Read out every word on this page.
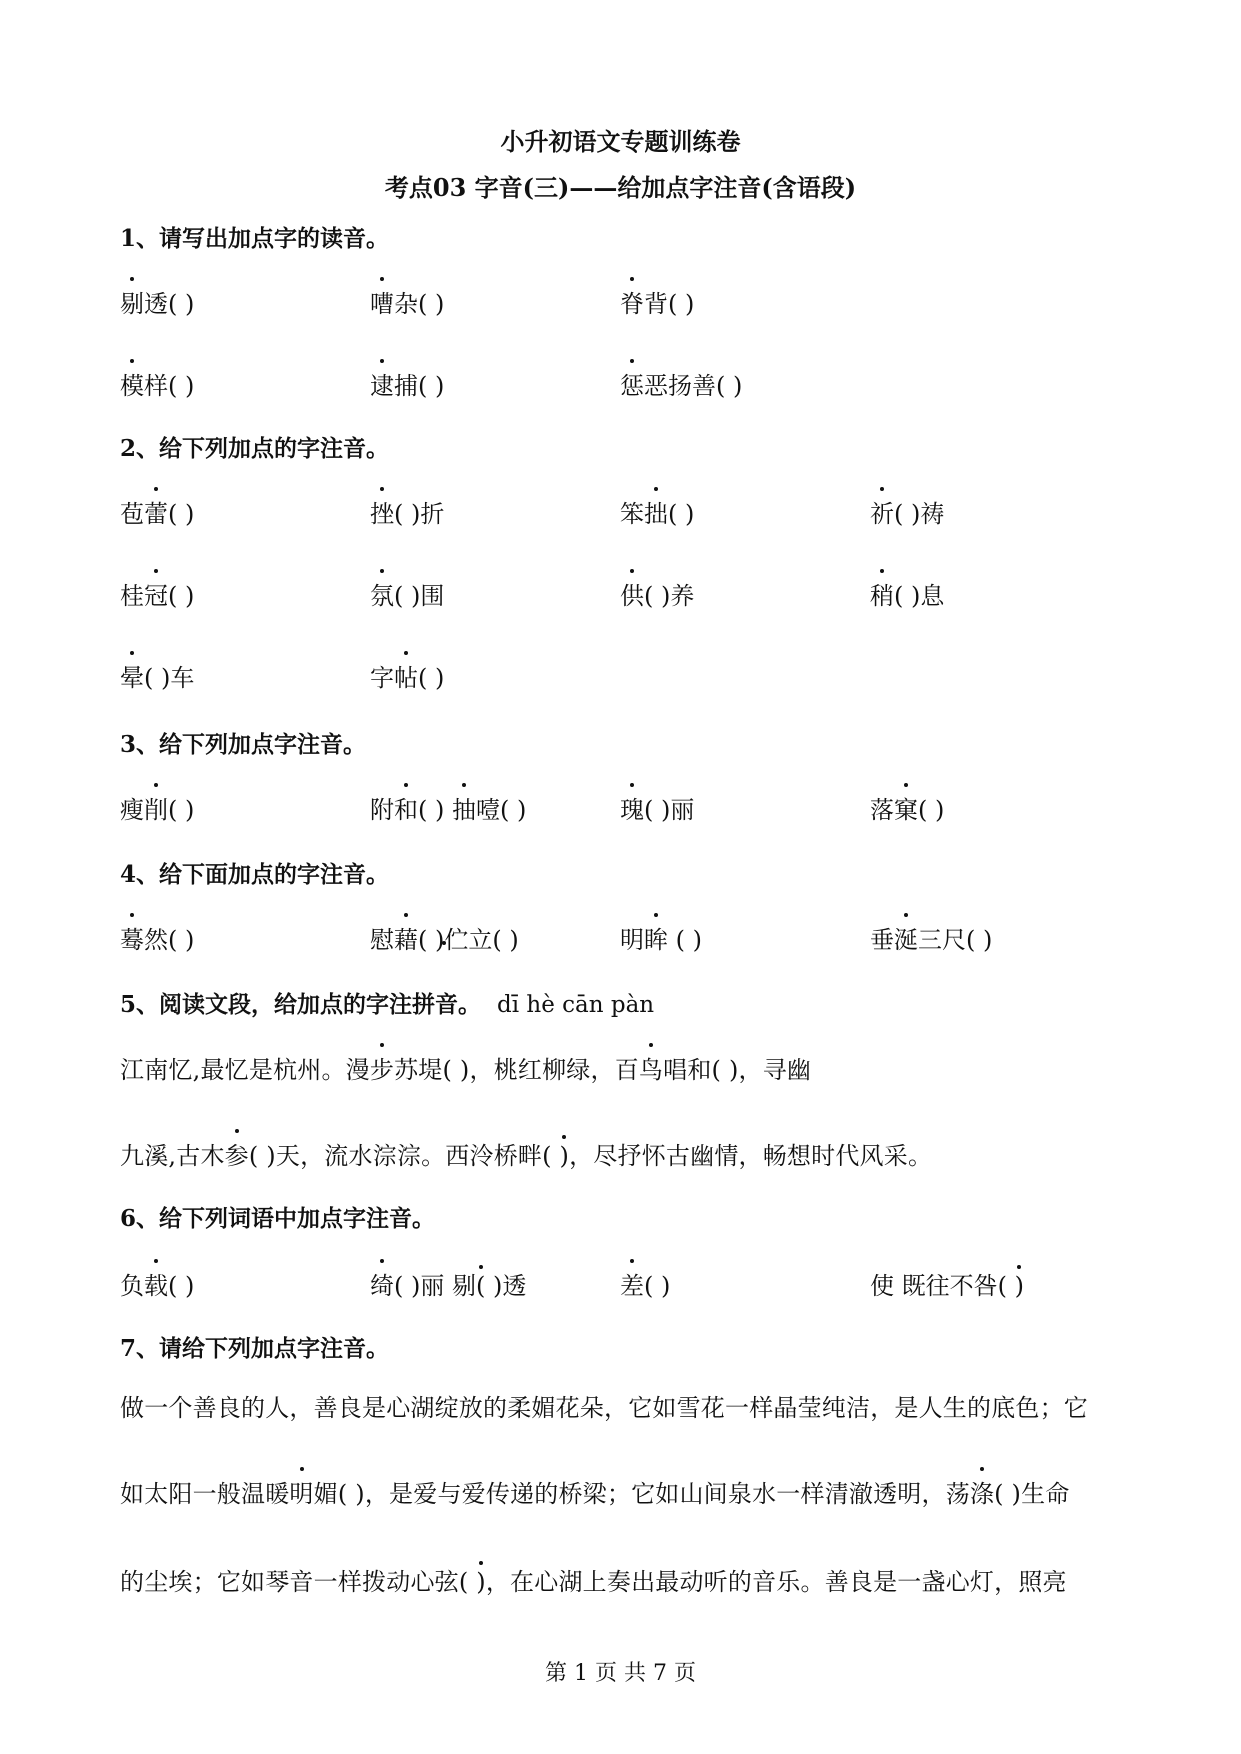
小升初语文专题训练卷
考点03 字音(三)——给加点字注音(含语段)
1、请写出加点字的读音。
剔透( )	嘈杂( )	脊背( )
模样( )	逮捕( )	惩恶扬善( )
2、给下列加点的字注音。
苞蕾( )	挫( )折	笨拙( )	祈( )祷
桂冠( )	氛( )围	供( )养	稍( )息
晕( )车	字帖( )
3、给下列加点字注音。
瘦削( )	附和( ) 抽噎( )	瑰( )丽	落窠( )
4、给下面加点的字注音。
蓦然( )	慰藉( )伫立( )	明眸 ( )	垂涎三尺( )
5、阅读文段，给加点的字注拼音。 dī hè cān pàn
江南忆,最忆是杭州。漫步苏堤( )，桃红柳绿，百鸟唱和( )，寻幽
九溪,古木参( )天，流水淙淙。西泠桥畔( )，尽抒怀古幽情，畅想时代风采。
6、给下列词语中加点字注音。
负载( )	绮( )丽 剔( )透	差( )	使 既往不咎( )
7、请给下列加点字注音。
做一个善良的人，善良是心湖绽放的柔媚花朵，它如雪花一样晶莹纯洁，是人生的底色；它
如太阳一般温暖明媚( )，是爱与爱传递的桥梁；它如山间泉水一样清澈透明，荡涤( )生命
的尘埃；它如琴音一样拨动心弦( )，在心湖上奏出最动听的音乐。善良是一盏心灯，照亮
第 1 页 共 7 页
